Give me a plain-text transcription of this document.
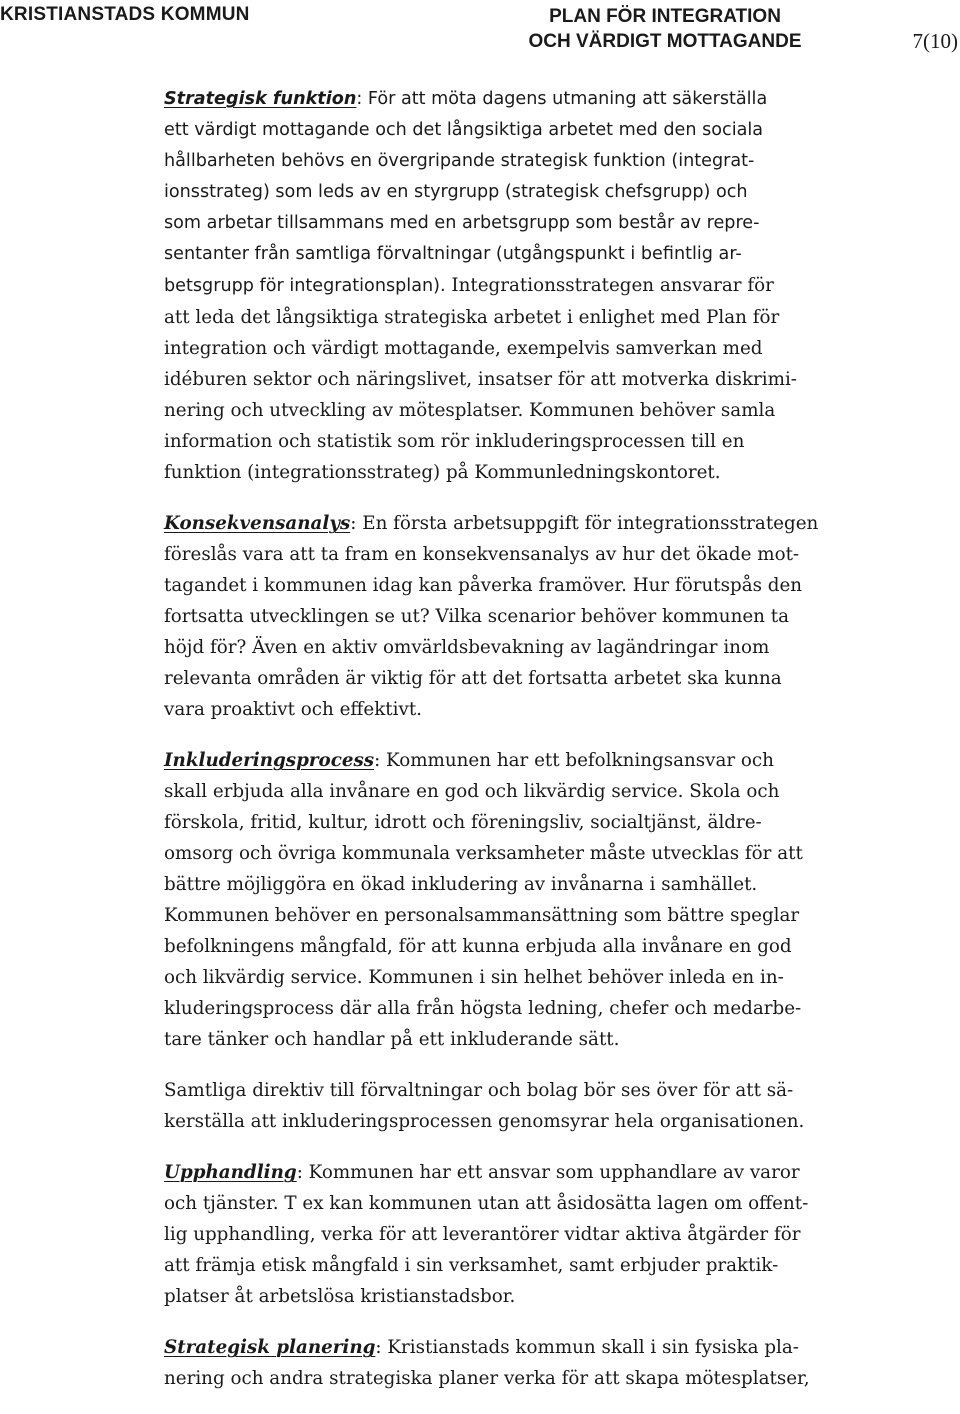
KRISTIANSTADS KOMMUN	PLAN FÖR INTEGRATION
OCH VÄRDIGT MOTTAGANDE	7(10)

Strategisk funktion: För att möta dagens utmaning att säkerställa
ett värdigt mottagande och det långsiktiga arbetet med den sociala
hållbarheten behövs en övergripande strategisk funktion (integrat-
ionsstrateg) som leds av en styrgrupp (strategisk chefsgrupp) och
som arbetar tillsammans med en arbetsgrupp som består av repre-
sentanter från samtliga förvaltningar (utgångspunkt i befintlig ar-
betsgrupp för integrationsplan). Integrationsstrategen ansvarar för
att leda det långsiktiga strategiska arbetet i enlighet med Plan för
integration och värdigt mottagande, exempelvis samverkan med
idéburen sektor och näringslivet, insatser för att motverka diskrimi-
nering och utveckling av mötesplatser. Kommunen behöver samla
information och statistik som rör inkluderingsprocessen till en
funktion (integrationsstrateg) på Kommunledningskontoret.

Konsekvensanalys: En första arbetsuppgift för integrationsstrategen
föreslås vara att ta fram en konsekvensanalys av hur det ökade mot-
tagandet i kommunen idag kan påverka framöver. Hur förutspås den
fortsatta utvecklingen se ut? Vilka scenarior behöver kommunen ta
höjd för? Även en aktiv omvärldsbevakning av lagändringar inom
relevanta områden är viktig för att det fortsatta arbetet ska kunna
vara proaktivt och effektivt.

Inkluderingsprocess: Kommunen har ett befolkningsansvar och
skall erbjuda alla invånare en god och likvärdig service. Skola och
förskola, fritid, kultur, idrott och föreningsliv, socialtjänst, äldre-
omsorg och övriga kommunala verksamheter måste utvecklas för att
bättre möjliggöra en ökad inkludering av invånarna i samhället.
Kommunen behöver en personalsammansättning som bättre speglar
befolkningens mångfald, för att kunna erbjuda alla invånare en god
och likvärdig service. Kommunen i sin helhet behöver inleda en in-
kluderingsprocess där alla från högsta ledning, chefer och medarbe-
tare tänker och handlar på ett inkluderande sätt.

Samtliga direktiv till förvaltningar och bolag bör ses över för att sä-
kerställa att inkluderingsprocessen genomsyrar hela organisationen.

Upphandling: Kommunen har ett ansvar som upphandlare av varor
och tjänster. T ex kan kommunen utan att åsidosätta lagen om offent-
lig upphandling, verka för att leverantörer vidtar aktiva åtgärder för
att främja etisk mångfald i sin verksamhet, samt erbjuder praktik-
platser åt arbetslösa kristianstadsbor.

Strategisk planering: Kristianstads kommun skall i sin fysiska pla-
nering och andra strategiska planer verka för att skapa mötesplatser,
